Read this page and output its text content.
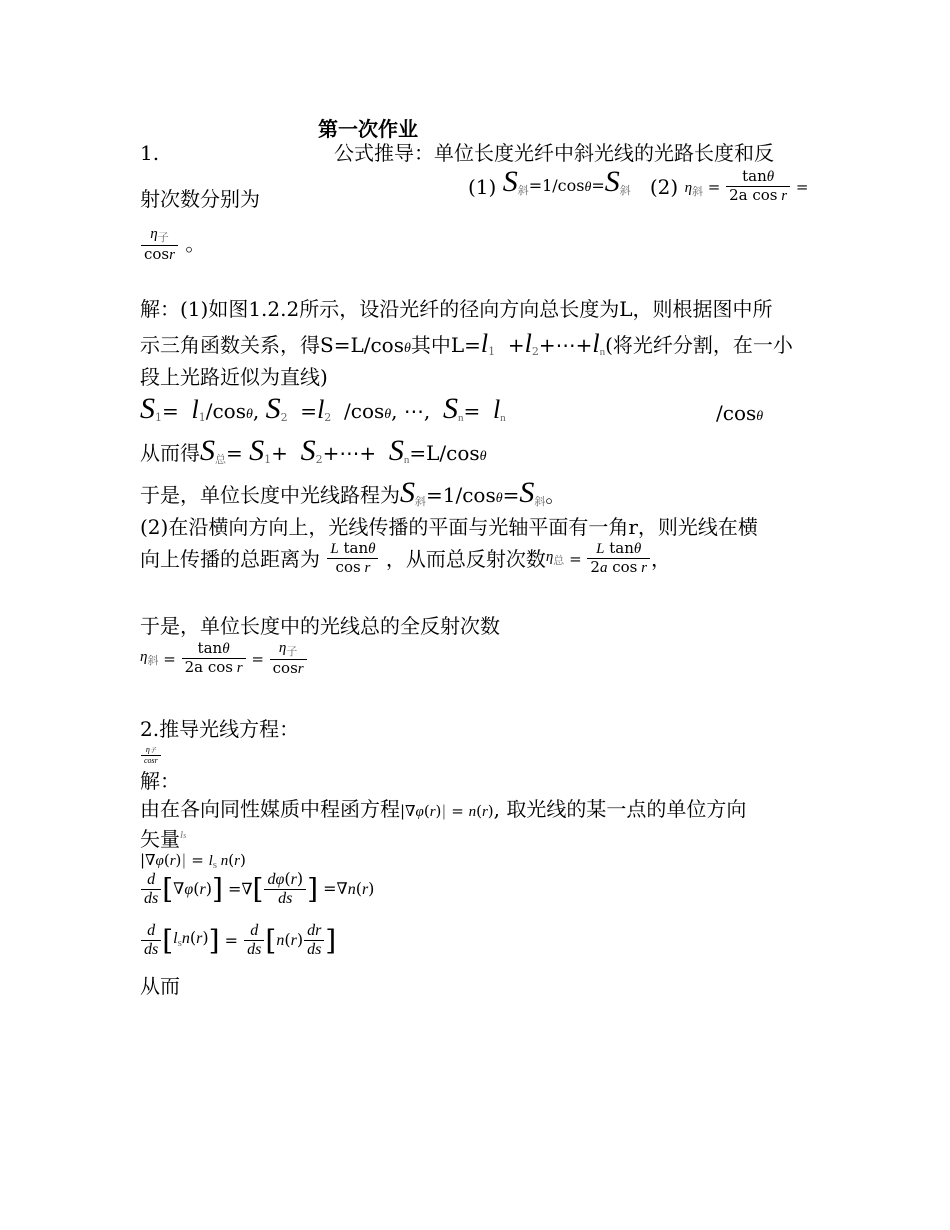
第一次作业
1.	公式推导：单位长度光纤中斜光线的光路长度和反
射次数分别为
(1) $S_斜=1/\cos\theta=S_斜$ (2) $\eta_斜 = \frac{\tan\theta}{\text{2a cos r}}$ =
$\frac{\eta_子}{\cos r}$ 。
解：(1)如图1.2.2所示，设沿光纤的径向方向总长度为L，则根据图中所
示三角函数关系，得S=L/cosθ其中$L=l_1$  $+l_2+\cdots+l_n$(将光纤分割，在一小
段上光路近似为直线)
$S_1= l_1/\cos\theta$, $S_2 =l_2$  /cosθ, ⋯,  $S_n= l_n$	/cosθ
从而得$S_总= S_1+$  $S_2+\cdots+ S_n=L/\cos\theta$
于是，单位长度中光线路程为$S_斜=1/\cos\theta=S_斜$。
(2)在沿横向方向上，光线传播的平面与光轴平面有一角r，则光线在横
向上传播的总距离为 $\frac{\text{L tanθ}}{\text{cos r}}$ ，从而总反射次数$\eta_总 = \frac{\text{L tanθ}}{\text{2a cos r}}$ ，
于是，单位长度中的光线总的全反射次数
$\eta_斜 = \frac{\tan\theta}{\text{2a cos r}} = \frac{\eta_子}{\cos r}$
2.推导光线方程：
$\frac{\text{η子}}{\cos r}$
解：
由在各向同性媒质中程函方程|∇φ(r)| = n(r), 取光线的某一点的单位方向
矢量$^{ls}$
$|\nabla\varphi(r)| = l_s$ n(r)
$\frac{d}{ds} [\nabla\varphi(r)]$ =∇[ $\frac{d\varphi(r)}{ds}$ ] =∇n(r)
$\frac{d}{ds} [l_sn(r)] = \frac{d}{ds} [n(r) \frac{dr}{ds}$ ]
从而
